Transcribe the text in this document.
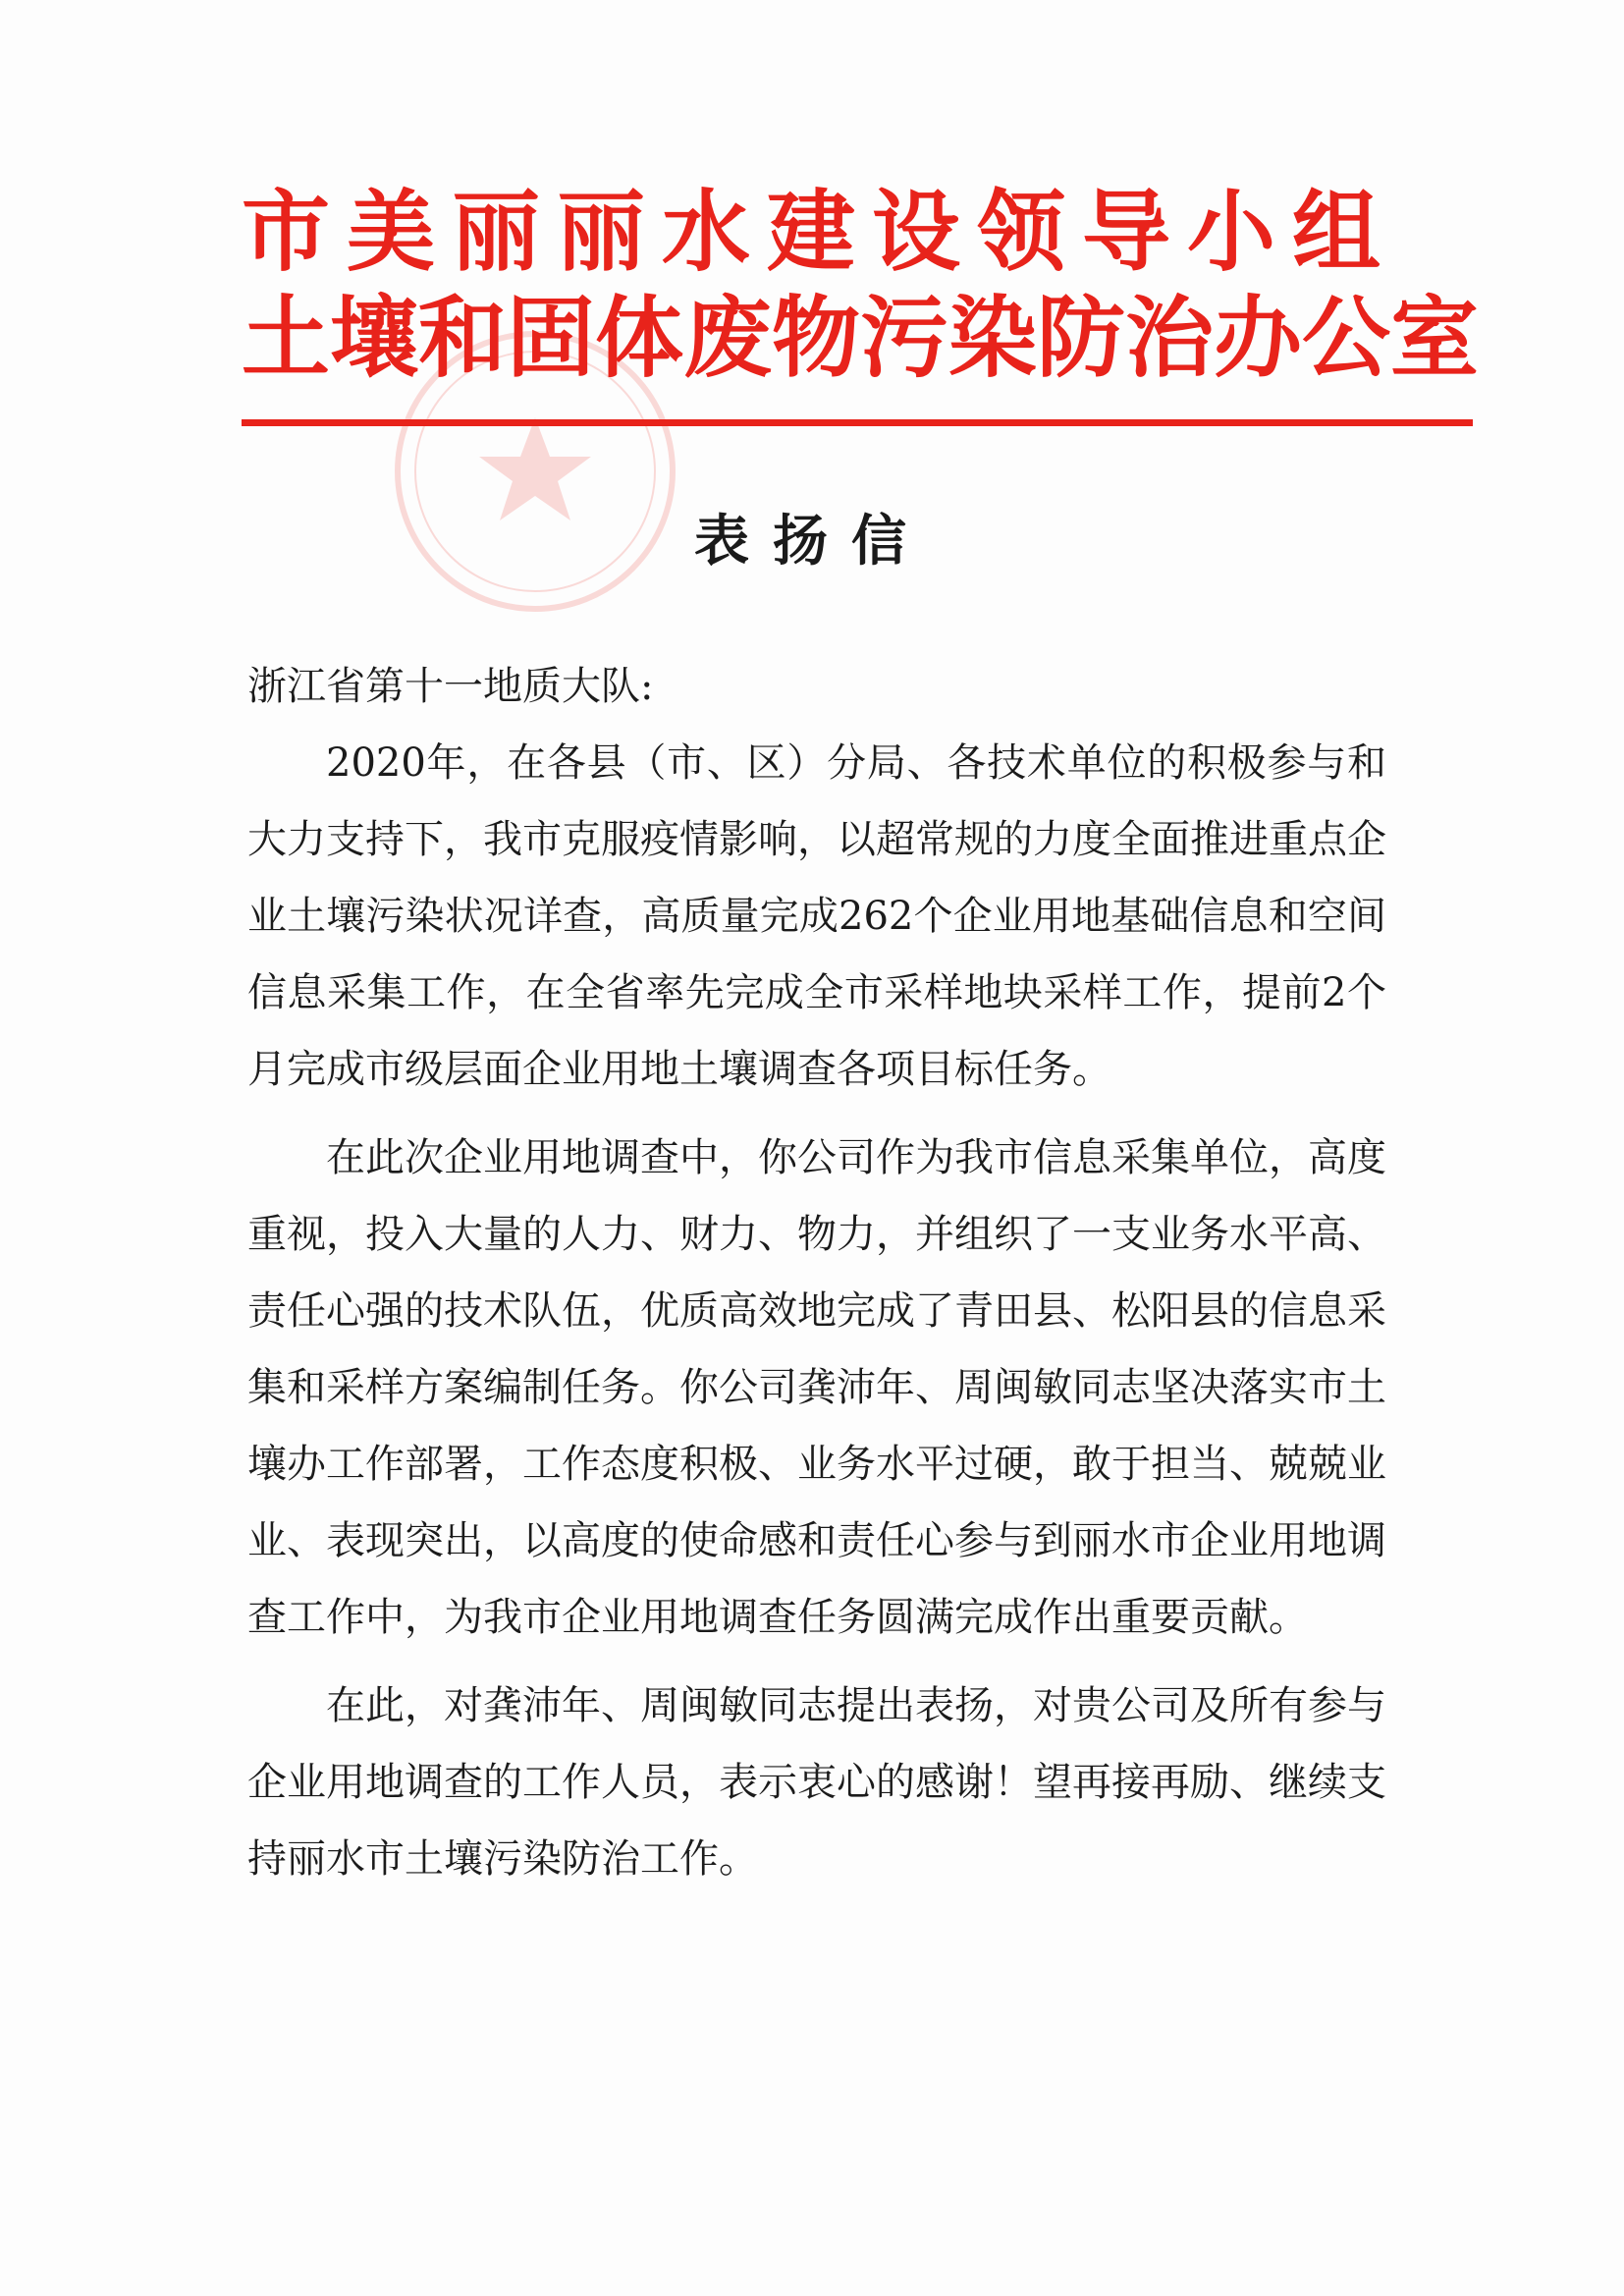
市美丽丽水建设领导小组
土壤和固体废物污染防治办公室
表扬信

浙江省第十一地质大队:

2020年，在各县（市、区）分局、各技术单位的积极参与和大力支持下，我市克服疫情影响，以超常规的力度全面推进重点企业土壤污染状况详查，高质量完成262个企业用地基础信息和空间信息采集工作，在全省率先完成全市采样地块采样工作，提前2个月完成市级层面企业用地土壤调查各项目标任务。

在此次企业用地调查中，你公司作为我市信息采集单位，高度重视，投入大量的人力、财力、物力，并组织了一支业务水平高、责任心强的技术队伍，优质高效地完成了青田县、松阳县的信息采集和采样方案编制任务。你公司龚沛年、周闽敏同志坚决落实市土壤办工作部署，工作态度积极、业务水平过硬，敢于担当、兢兢业业、表现突出，以高度的使命感和责任心参与到丽水市企业用地调查工作中，为我市企业用地调查任务圆满完成作出重要贡献。

在此，对龚沛年、周闽敏同志提出表扬，对贵公司及所有参与企业用地调查的工作人员，表示衷心的感谢！望再接再励、继续支持丽水市土壤污染防治工作。
